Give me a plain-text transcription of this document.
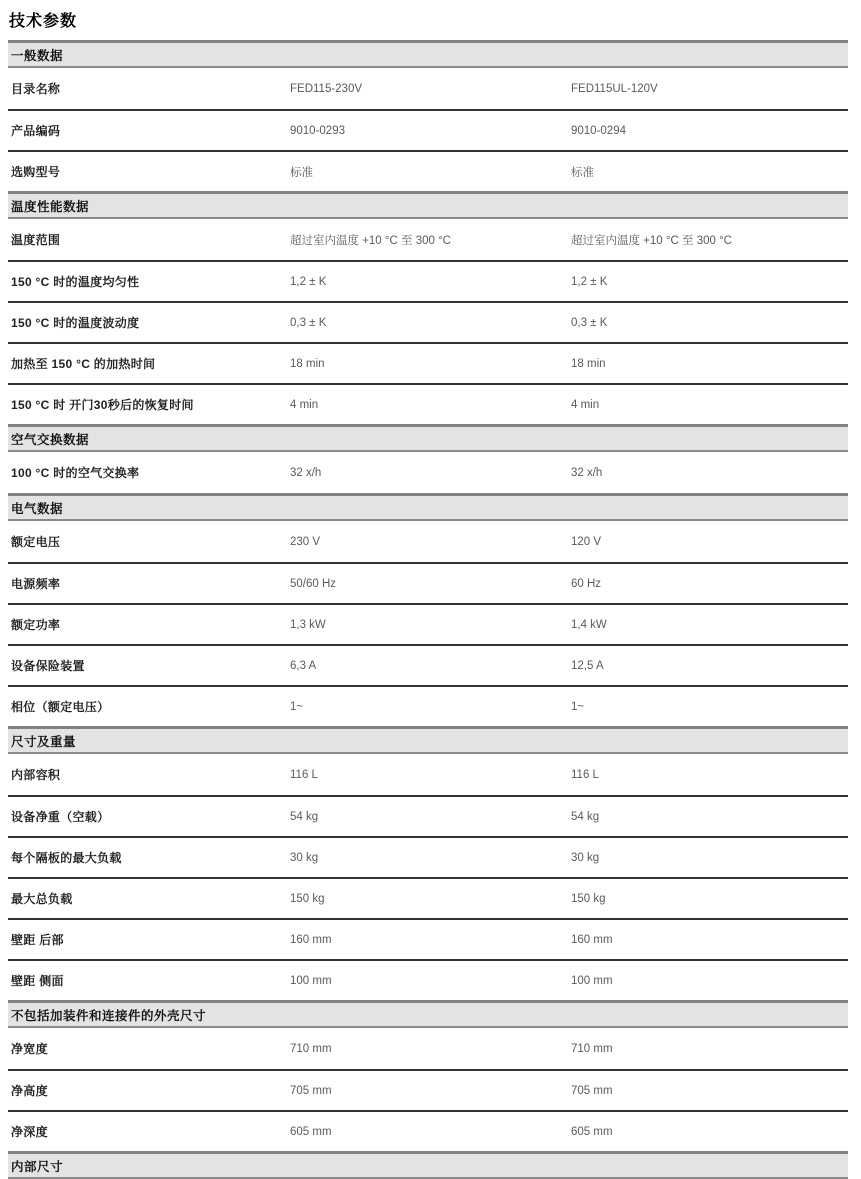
技术参数
一般数据
目录名称	FED115-230V	FED115UL-120V
产品编码	9010-0293	9010-0294
选购型号	标准	标准
温度性能数据
温度范围	超过室内温度 +10 °C 至 300 °C	超过室内温度 +10 °C 至 300 °C
150 °C 时的温度均匀性	1,2 ± K	1,2 ± K
150 °C 时的温度波动度	0,3 ± K	0,3 ± K
加热至 150 °C 的加热时间	18 min	18 min
150 °C 时 开门30秒后的恢复时间	4 min	4 min
空气交换数据
100 °C 时的空气交换率	32 x/h	32 x/h
电气数据
额定电压	230 V	120 V
电源频率	50/60 Hz	60 Hz
额定功率	1,3 kW	1,4 kW
设备保险装置	6,3 A	12,5 A
相位（额定电压）	1~	1~
尺寸及重量
内部容积	116 L	116 L
设备净重（空载）	54 kg	54 kg
每个隔板的最大负载	30 kg	30 kg
最大总负载	150 kg	150 kg
壁距 后部	160 mm	160 mm
壁距 侧面	100 mm	100 mm
不包括加装件和连接件的外壳尺寸
净宽度	710 mm	710 mm
净高度	705 mm	705 mm
净深度	605 mm	605 mm
内部尺寸
